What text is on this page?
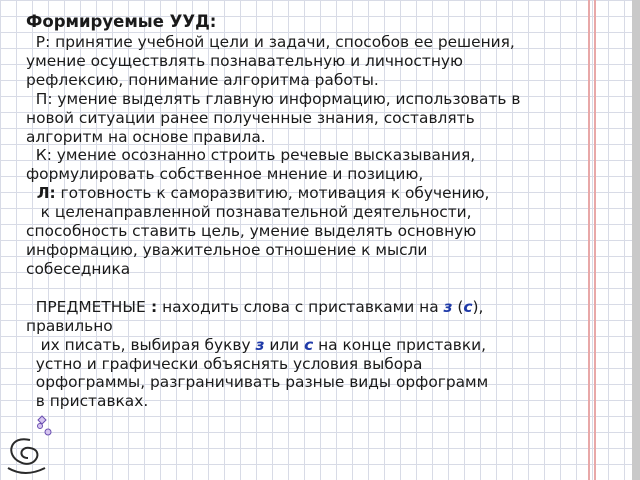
Формируемые УУД:
Р: принятие учебной цели и задачи, способов ее решения,
умение осуществлять познавательную и личностную
рефлексию, понимание алгоритма работы.
П: умение выделять главную информацию, использовать в
новой ситуации ранее полученные знания, составлять
алгоритм на основе правила.
К: умение осознанно строить речевые высказывания,
формулировать собственное мнение и позицию,
Л: готовность к саморазвитию, мотивация к обучению,
к целенаправленной познавательной деятельности,
способность ставить цель, умение выделять основную
информацию, уважительное отношение к мысли
собеседника
ПРЕДМЕТНЫЕ : находить слова с приставками на з (с),
правильно
их писать, выбирая букву з или с на конце приставки,
устно и графически объяснять условия выбора
орфограммы, разграничивать разные виды орфограмм
в приставках.
